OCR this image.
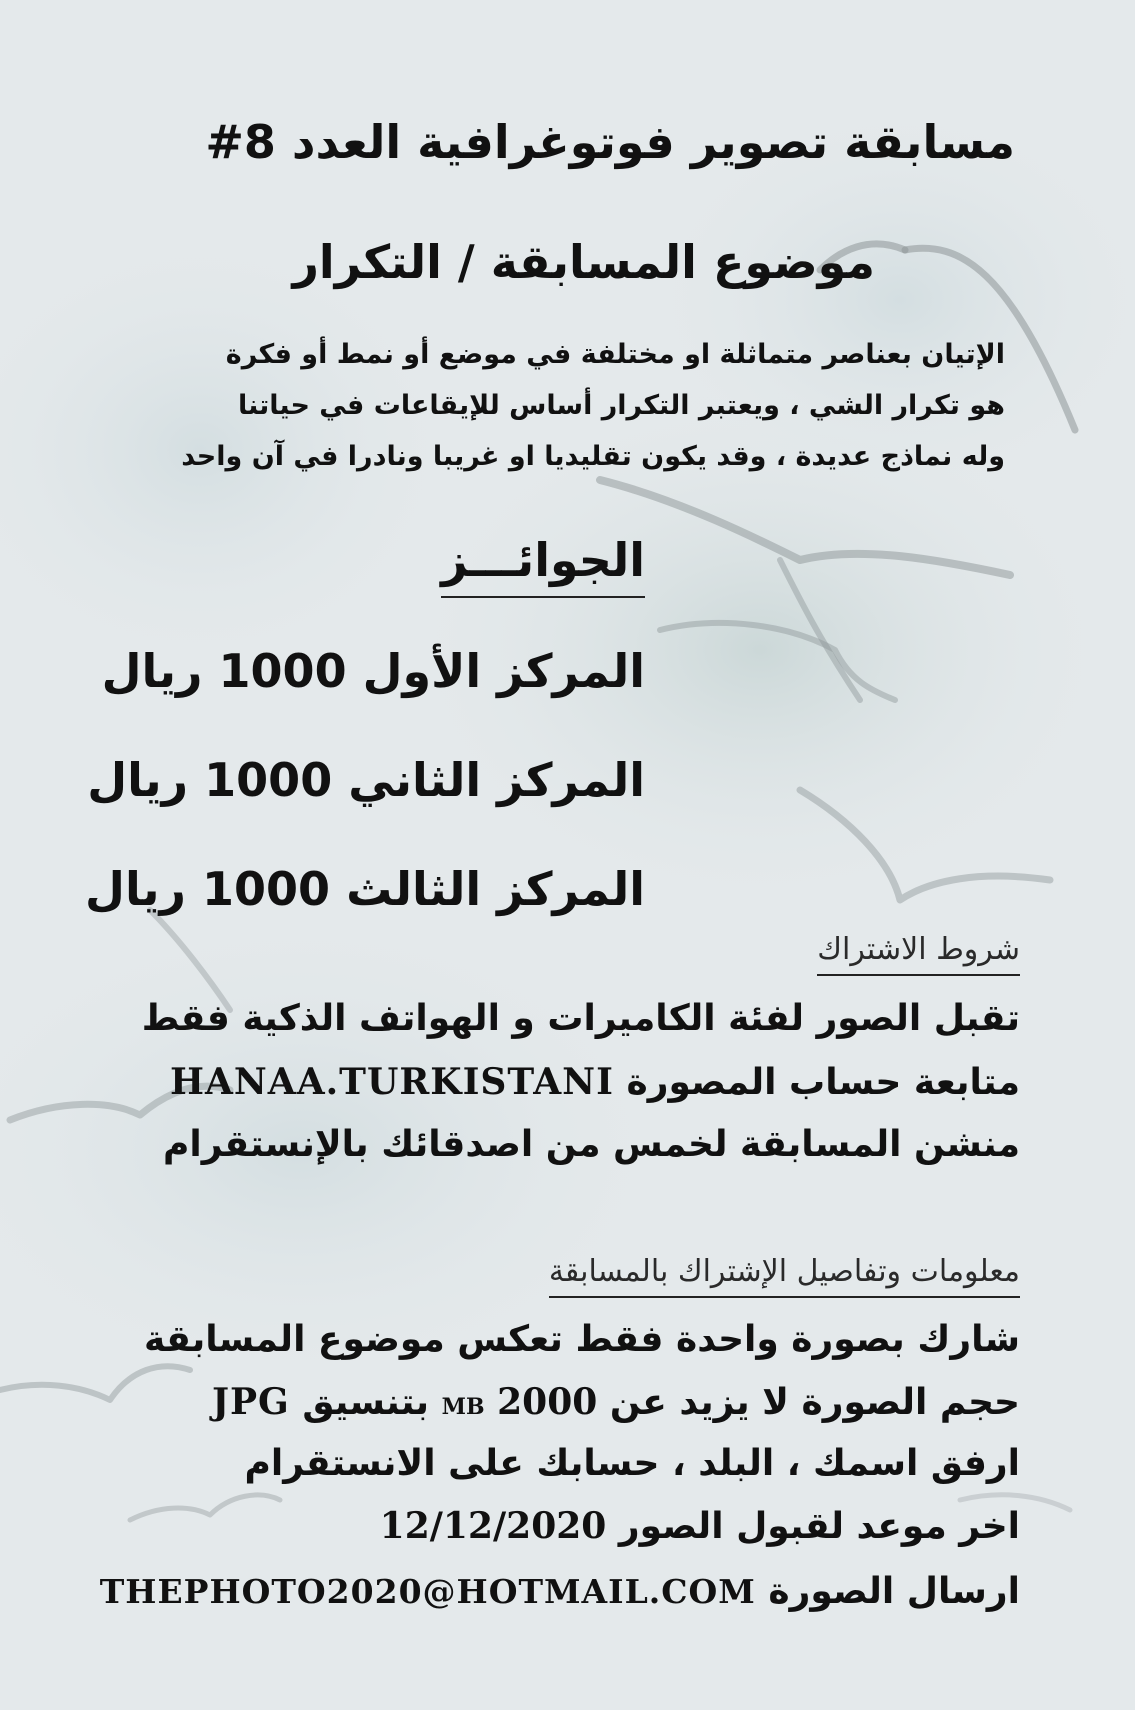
مسابقة تصوير فوتوغرافية العدد 8#
موضوع المسابقة / التكرار
الإتيان بعناصر متماثلة او مختلفة في موضع أو نمط أو فكرة
هو تكرار الشي ، ويعتبر التكرار أساس للإيقاعات في حياتنا
وله نماذج عديدة ، وقد يكون تقليديا او غريبا ونادرا في آن واحد
الجوائـــز
المركز الأول 1000 ريال
المركز الثاني 1000 ريال
المركز الثالث 1000 ريال
شروط الاشتراك
تقبل الصور لفئة الكاميرات و الهواتف الذكية فقط
متابعة حساب المصورة HANAA.TURKISTANI
منشن المسابقة لخمس من اصدقائك بالإنستقرام
معلومات وتفاصيل الإشتراك بالمسابقة
شارك بصورة واحدة فقط تعكس موضوع المسابقة
حجم الصورة لا يزيد عن 2000 MB بتنسيق JPG
ارفق اسمك ، البلد ، حسابك على الانستقرام
اخر موعد لقبول الصور 12/12/2020
ارسال الصورة THEPHOTO2020@HOTMAIL.COM
